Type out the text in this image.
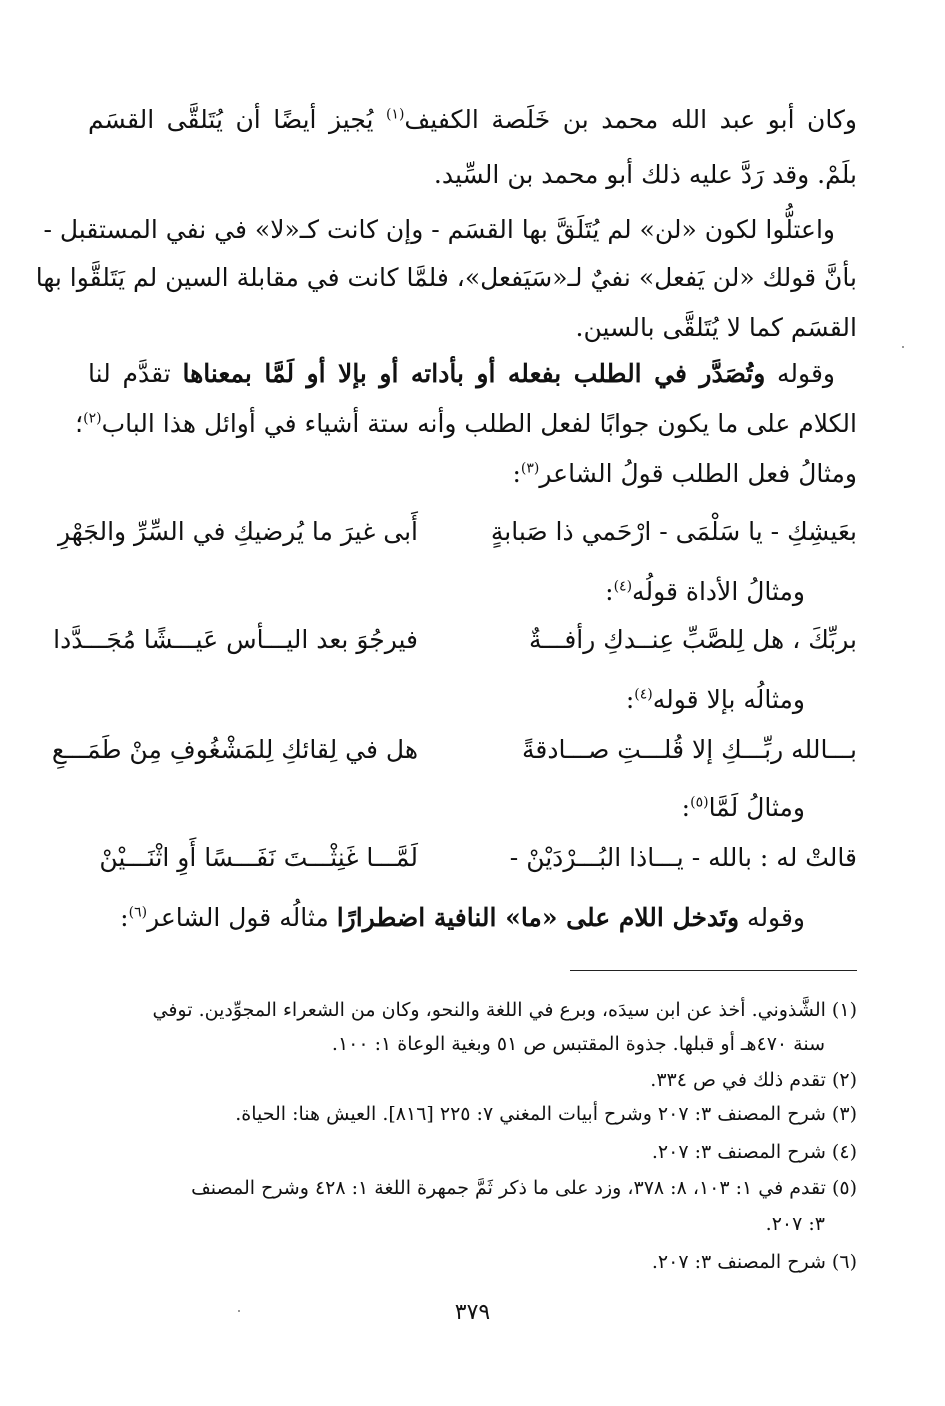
وكان أبو عبد الله محمد بن خَلَصة الكفيف$^{(١)}$ يُجيز أيضًا أن يُتَلقَّى القسَم
بلَمْ. وقد رَدَّ عليه ذلك أبو محمد بن السِّيد.
واعتلُّوا لكون «لن» لم يُتَلَقَّ بها القسَم - وإن كانت كـ«لا» في نفي المستقبل -
بأنَّ قولك «لن يَفعل» نفيٌ لـ«سَيَفعل»، فلمَّا كانت في مقابلة السين لم يَتَلقَّوا بها
القسَم كما لا يُتَلقَّى بالسين.
وقوله وتُصَدَّر في الطلب بفعله أو بأداته أو بإلا أو لَمَّا بمعناها تقدَّم لنا
الكلام على ما يكون جوابًا لفعل الطلب وأنه ستة أشياء في أوائل هذا الباب$^{(٢)}$؛
ومثالُ فعل الطلب قولُ الشاعر$^{(٣)}$:
بعَيشِكِ - يا سَلْمَى - ارْحَمي ذا صَبابةٍ
أَبى غيرَ ما يُرضيكِ في السِّرِّ والجَهْرِ
ومثالُ الأداة قولُه$^{(٤)}$:
بربِّكَ ، هل لِلصَّبِّ عِنــدكِ رأفـــةٌ
فيرجُوَ بعد اليـــأس عَيـــشًا مُجَـــدَّدا
ومثالُه بإلا قوله$^{(٤)}$:
بـــالله ربِّـــكِ إلا قُلـــتِ صـــادقةً
هل في لِقائكِ لِلمَشْغُوفِ مِنْ طَمَـــعِ
ومثالُ لَمَّا$^{(٥)}$:
قالتْ له : بالله - يـــاذا البُـــرْدَيْنْ -
لَمَّـــا غَنِثْـــتَ نَفَـــسًا أَوِ اثْنَـــيْنْ
وقوله وتَدخل اللام على «ما» النافية اضطرارًا مثالُه قول الشاعر$^{(٦)}$:
(١) الشَّذوني. أخذ عن ابن سيدَه، وبرع في اللغة والنحو، وكان من الشعراء المجوِّدين. توفي
سنة ٤٧٠هـ أو قبلها. جذوة المقتبس ص ٥١ وبغية الوعاة ١: ١٠٠.
(٢) تقدم ذلك في ص ٣٣٤.
(٣) شرح المصنف ٣: ٢٠٧ وشرح أبيات المغني ٧: ٢٢٥ [٨١٦]. العيش هنا: الحياة.
(٤) شرح المصنف ٣: ٢٠٧.
(٥) تقدم في ١: ١٠٣، ٨: ٣٧٨، وزد على ما ذكر ثَمَّ جمهرة اللغة ١: ٤٢٨ وشرح المصنف
٣: ٢٠٧.
(٦) شرح المصنف ٣: ٢٠٧.
٣٧٩
